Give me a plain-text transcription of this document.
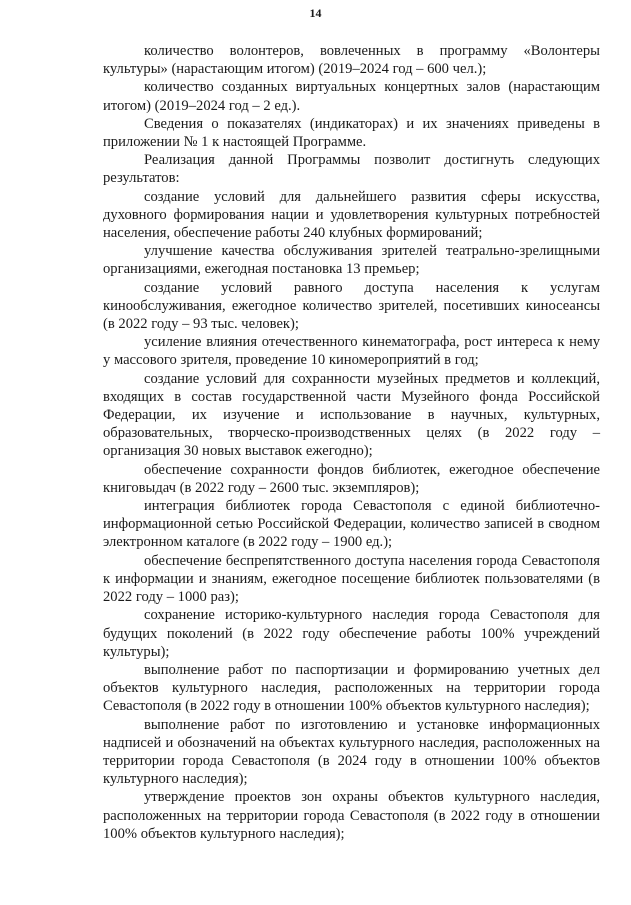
14

количество волонтеров, вовлеченных в программу «Волонтеры культуры» (нарастающим итогом) (2019–2024 год – 600 чел.);

количество созданных виртуальных концертных залов (нарастающим итогом) (2019–2024 год – 2 ед.).

Сведения о показателях (индикаторах) и их значениях приведены в приложении № 1 к настоящей Программе.

Реализация данной Программы позволит достигнуть следующих результатов:

создание условий для дальнейшего развития сферы искусства, духовного формирования нации и удовлетворения культурных потребностей населения, обеспечение работы 240 клубных формирований;

улучшение качества обслуживания зрителей театрально-зрелищными организациями, ежегодная постановка 13 премьер;

создание условий равного доступа населения к услугам кинообслуживания, ежегодное количество зрителей, посетивших киносеансы (в 2022 году – 93 тыс. человек);

усиление влияния отечественного кинематографа, рост интереса к нему у массового зрителя, проведение 10 киномероприятий в год;

создание условий для сохранности музейных предметов и коллекций, входящих в состав государственной части Музейного фонда Российской Федерации, их изучение и использование в научных, культурных, образовательных, творческо-производственных целях (в 2022 году – организация 30 новых выставок ежегодно);

обеспечение сохранности фондов библиотек, ежегодное обеспечение книговыдач (в 2022 году – 2600 тыс. экземпляров);

интеграция библиотек города Севастополя с единой библиотечно-информационной сетью Российской Федерации, количество записей в сводном электронном каталоге (в 2022 году – 1900 ед.);

обеспечение беспрепятственного доступа населения города Севастополя к информации и знаниям, ежегодное посещение библиотек пользователями (в 2022 году – 1000 раз);

сохранение историко-культурного наследия города Севастополя для будущих поколений (в 2022 году обеспечение работы 100% учреждений культуры);

выполнение работ по паспортизации и формированию учетных дел объектов культурного наследия, расположенных на территории города Севастополя (в 2022 году в отношении 100% объектов культурного наследия);

выполнение работ по изготовлению и установке информационных надписей и обозначений на объектах культурного наследия, расположенных на территории города Севастополя (в 2024 году в отношении 100% объектов культурного наследия);

утверждение проектов зон охраны объектов культурного наследия, расположенных на территории города Севастополя (в 2022 году в отношении 100% объектов культурного наследия);
